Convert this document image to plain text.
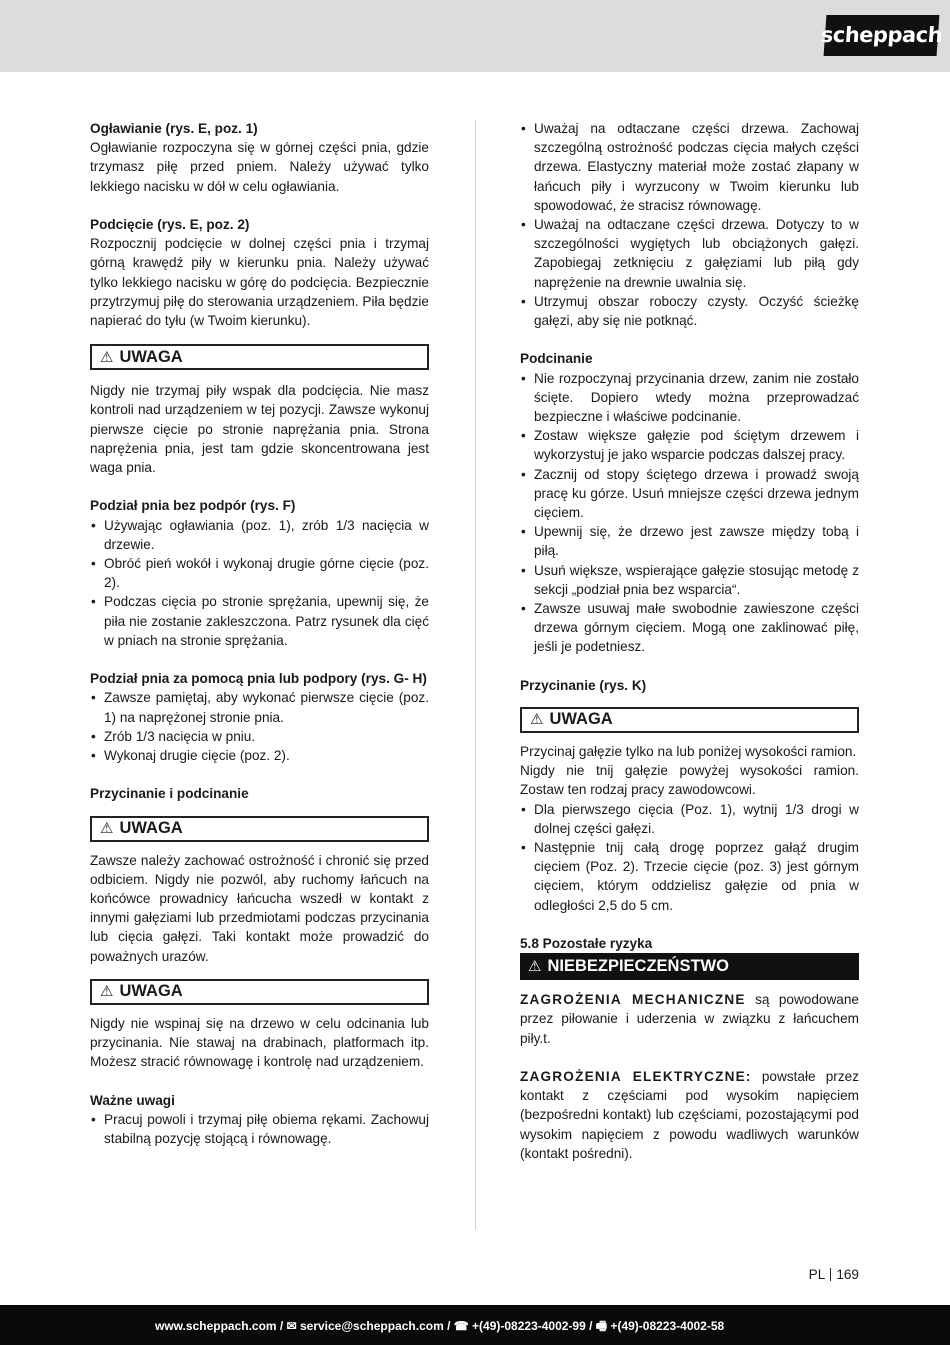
scheppach

Ogławianie (rys. E, poz. 1)

Ogławianie rozpoczyna się w górnej części pnia, gdzie trzymasz piłę przed pniem. Należy używać tylko lekkiego nacisku w dół w celu ogławiania.

Podcięcie (rys. E, poz. 2)

Rozpocznij podcięcie w dolnej części pnia i trzymaj górną krawędź piły w kierunku pnia. Należy używać tylko lekkiego nacisku w górę do podcięcia. Bezpiecznie przytrzymuj piłę do sterowania urządzeniem. Piła będzie napierać do tyłu (w Twoim kierunku).

⚠ UWAGA

Nigdy nie trzymaj piły wspak dla podcięcia. Nie masz kontroli nad urządzeniem w tej pozycji. Zawsze wykonuj pierwsze cięcie po stronie naprężania pnia. Strona naprężenia pnia, jest tam gdzie skoncentrowana jest waga pnia.

Podział pnia bez podpór (rys. F)

• Używając ogławiania (poz. 1), zrób 1/3 nacięcia w drzewie.
• Obróć pień wokół i wykonaj drugie górne cięcie (poz. 2).
• Podczas cięcia po stronie sprężania, upewnij się, że piła nie zostanie zakleszczona. Patrz rysunek dla cięć w pniach na stronie sprężania.

Podział pnia za pomocą pnia lub podpory (rys. G- H)

• Zawsze pamiętaj, aby wykonać pierwsze cięcie (poz. 1) na naprężonej stronie pnia.
• Zrób 1/3 nacięcia w pniu.
• Wykonaj drugie cięcie (poz. 2).

Przycinanie i podcinanie

⚠ UWAGA

Zawsze należy zachować ostrożność i chronić się przed odbiciem. Nigdy nie pozwól, aby ruchomy łańcuch na końcówce prowadnicy łańcucha wszedł w kontakt z innymi gałęziami lub przedmiotami podczas przycinania lub cięcia gałęzi. Taki kontakt może prowadzić do poważnych urazów.

⚠ UWAGA

Nigdy nie wspinaj się na drzewo w celu odcinania lub przycinania. Nie stawaj na drabinach, platformach itp. Możesz stracić równowagę i kontrolę nad urządzeniem.

Ważne uwagi

• Pracuj powoli i trzymaj piłę obiema rękami. Zachowuj stabilną pozycję stojącą i równowagę.
• Uważaj na odtaczane części drzewa. Zachowaj szczególną ostrożność podczas cięcia małych części drzewa. Elastyczny materiał może zostać złapany w łańcuch piły i wyrzucony w Twoim kierunku lub spowodować, że stracisz równowagę.
• Uważaj na odtaczane części drzewa. Dotyczy to w szczególności wygiętych lub obciążonych gałęzi. Zapobiegaj zetknięciu z gałęziami lub piłą gdy naprężenie na drewnie uwalnia się.
• Utrzymuj obszar roboczy czysty. Oczyść ścieżkę gałęzi, aby się nie potknąć.

Podcinanie

• Nie rozpoczynaj przycinania drzew, zanim nie zostało ścięte. Dopiero wtedy można przeprowadzać bezpieczne i właściwe podcinanie.
• Zostaw większe gałęzie pod ściętym drzewem i wykorzystuj je jako wsparcie podczas dalszej pracy.
• Zacznij od stopy ściętego drzewa i prowadź swoją pracę ku górze. Usuń mniejsze części drzewa jednym cięciem.
• Upewnij się, że drzewo jest zawsze między tobą i piłą.
• Usuń większe, wspierające gałęzie stosując metodę z sekcji „podział pnia bez wsparcia“.
• Zawsze usuwaj małe swobodnie zawieszone części drzewa górnym cięciem. Mogą one zaklinować piłę, jeśli je podetniesz.

Przycinanie (rys. K)

⚠ UWAGA

Przycinaj gałęzie tylko na lub poniżej wysokości ramion.

Nigdy nie tnij gałęzie powyżej wysokości ramion. Zostaw ten rodzaj pracy zawodowcowi.

• Dla pierwszego cięcia (Poz. 1), wytnij 1/3 drogi w dolnej części gałęzi.
• Następnie tnij całą drogę poprzez gałąź drugim cięciem (Poz. 2). Trzecie cięcie (poz. 3) jest górnym cięciem, którym oddzielisz gałęzie od pnia w odległości 2,5 do 5 cm.

5.8 Pozostałe ryzyka

⚠ NIEBEZPIECZEŃSTWO

ZAGROŻENIA MECHANICZNE są powodowane przez piłowanie i uderzenia w związku z łańcuchem piły.t.

ZAGROŻENIA ELEKTRYCZNE: powstałe przez kontakt z częściami pod wysokim napięciem (bezpośredni kontakt) lub częściami, pozostającymi pod wysokim napięciem z powodu wadliwych warunków (kontakt pośredni).

PL 169
www.scheppach.com / ✉ service@scheppach.com / ☎ +(49)-08223-4002-99 / 🖷 +(49)-08223-4002-58
